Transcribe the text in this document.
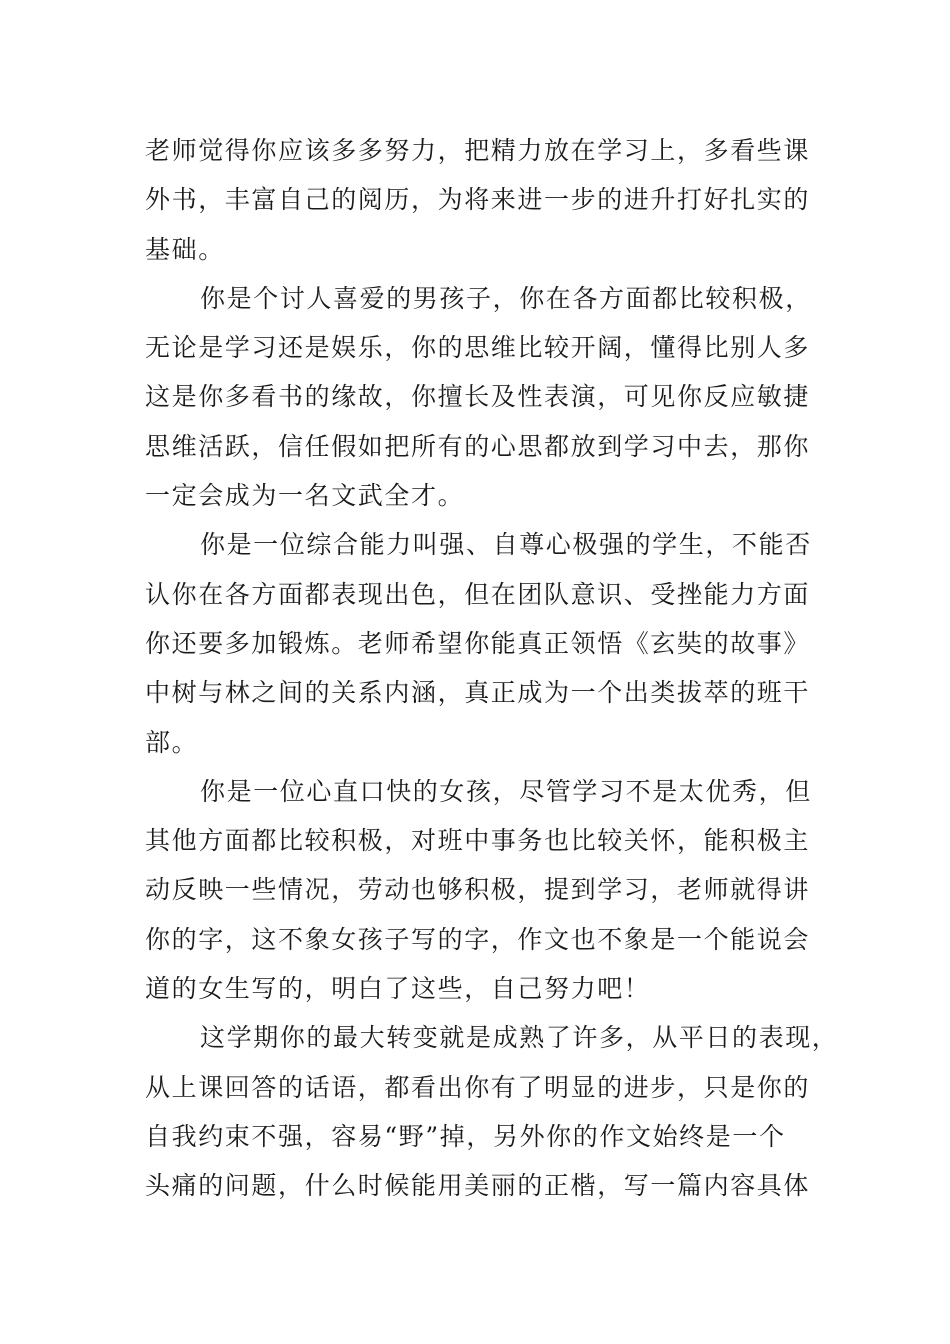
老师觉得你应该多多努力，把精力放在学习上，多看些课
外书，丰富自己的阅历，为将来进一步的进升打好扎实的
基础。
你是个讨人喜爱的男孩子，你在各方面都比较积极，
无论是学习还是娱乐，你的思维比较开阔，懂得比别人多
这是你多看书的缘故，你擅长及性表演，可见你反应敏捷
思维活跃，信任假如把所有的心思都放到学习中去，那你
一定会成为一名文武全才。
你是一位综合能力叫强、自尊心极强的学生，不能否
认你在各方面都表现出色，但在团队意识、受挫能力方面
你还要多加锻炼。老师希望你能真正领悟《玄奘的故事》
中树与林之间的关系内涵，真正成为一个出类拔萃的班干
部。
你是一位心直口快的女孩，尽管学习不是太优秀，但
其他方面都比较积极，对班中事务也比较关怀，能积极主
动反映一些情况，劳动也够积极，提到学习，老师就得讲
你的字，这不象女孩子写的字，作文也不象是一个能说会
道的女生写的，明白了这些，自己努力吧！
这学期你的最大转变就是成熟了许多，从平日的表现，
从上课回答的话语，都看出你有了明显的进步，只是你的
自我约束不强，容易“野”掉，另外你的作文始终是一个
头痛的问题，什么时候能用美丽的正楷，写一篇内容具体
